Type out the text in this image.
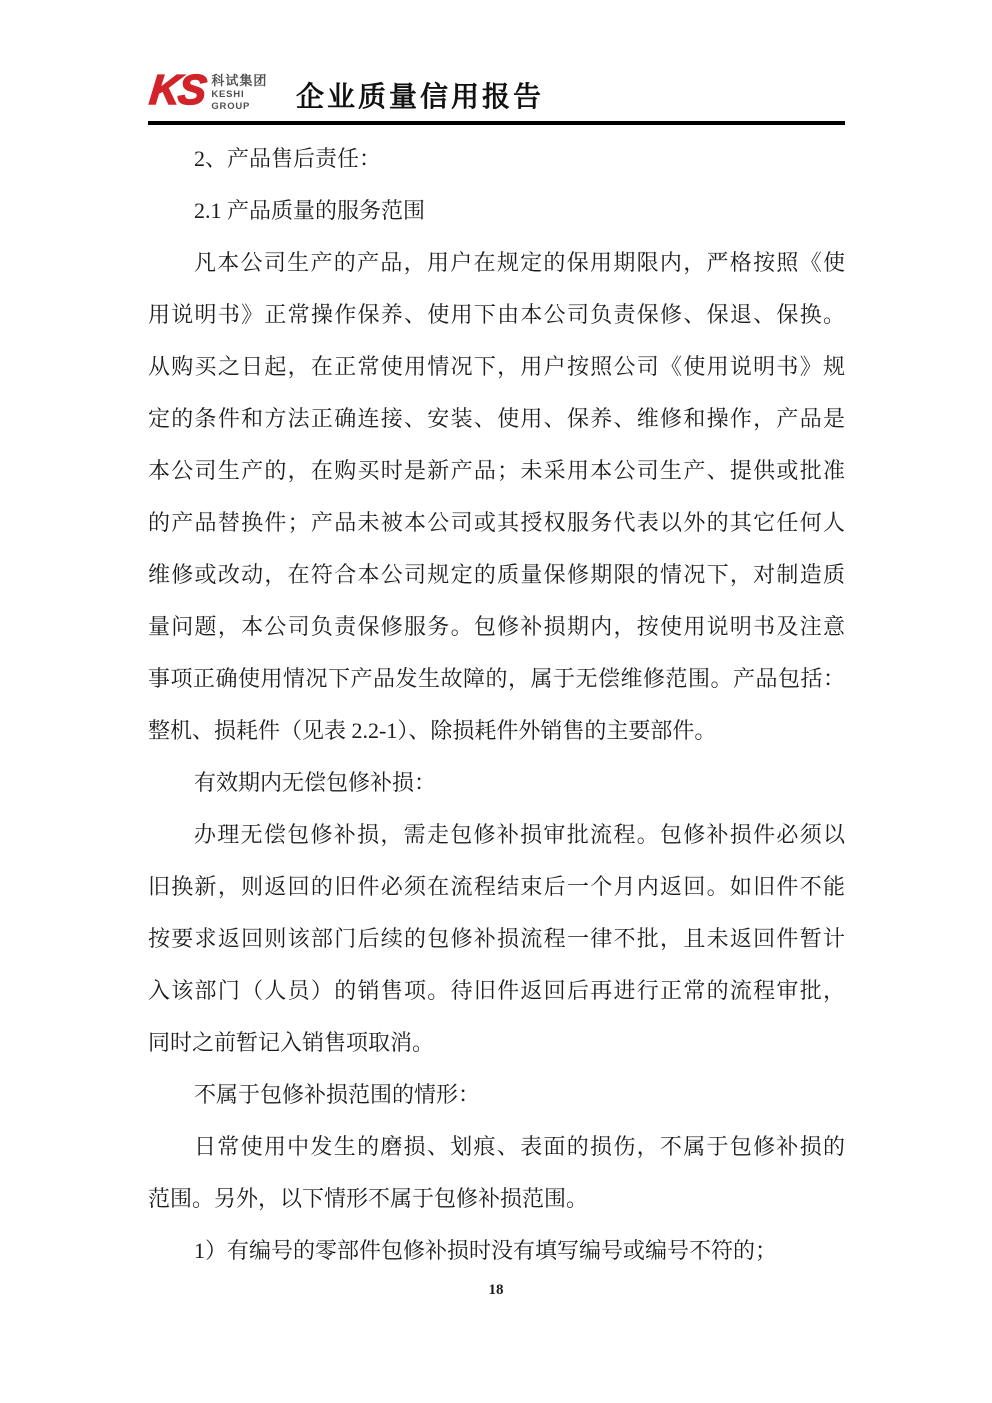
KS 科试集团
KESHI
GROUP	企业质量信用报告
2、产品售后责任：
2.1 产品质量的服务范围
凡本公司生产的产品，用户在规定的保用期限内，严格按照《使
用说明书》正常操作保养、使用下由本公司负责保修、保退、保换。
从购买之日起，在正常使用情况下，用户按照公司《使用说明书》规
定的条件和方法正确连接、安装、使用、保养、维修和操作，产品是
本公司生产的，在购买时是新产品；未采用本公司生产、提供或批准
的产品替换件；产品未被本公司或其授权服务代表以外的其它任何人
维修或改动，在符合本公司规定的质量保修期限的情况下，对制造质
量问题，本公司负责保修服务。包修补损期内，按使用说明书及注意
事项正确使用情况下产品发生故障的，属于无偿维修范围。产品包括：
整机、损耗件（见表 2.2-1）、除损耗件外销售的主要部件。
有效期内无偿包修补损：
办理无偿包修补损，需走包修补损审批流程。包修补损件必须以
旧换新，则返回的旧件必须在流程结束后一个月内返回。如旧件不能
按要求返回则该部门后续的包修补损流程一律不批，且未返回件暂计
入该部门（人员）的销售项。待旧件返回后再进行正常的流程审批，
同时之前暂记入销售项取消。
不属于包修补损范围的情形：
日常使用中发生的磨损、划痕、表面的损伤，不属于包修补损的
范围。另外，以下情形不属于包修补损范围。
1）有编号的零部件包修补损时没有填写编号或编号不符的；
18
